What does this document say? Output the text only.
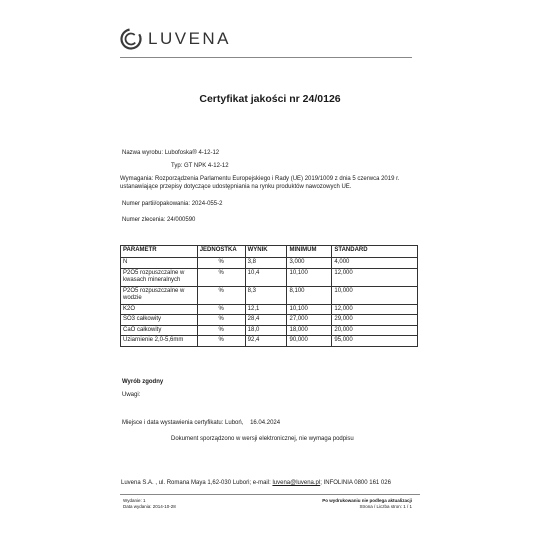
LUVENA
Certyfikat jakości nr 24/0126
Nazwa wyrobu: Lubofoska® 4-12-12
Typ: GT NPK 4-12-12
Wymagania: Rozporządzenia Parlamentu Europejskiego i Rady (UE) 2019/1009 z dnia 5 czerwca 2019 r. ustanawiające przepisy dotyczące udostępniania na rynku produktów nawozowych UE.
Numer partii/opakowania: 2024-055-2
Numer zlecenia: 24/000590
PARAMETR	JEDNOSTKA	WYNIK	MINIMUM	STANDARD
N	%	3,8	3,000	4,000
P2O5 rozpuszczalne w kwasach mineralnych	%	10,4	10,100	12,000
P2O5 rozpuszczalne w wodzie	%	8,3	8,100	10,000
K2O	%	12,1	10,100	12,000
SO3 całkowity	%	28,4	27,000	29,000
CaO całkowity	%	18,0	18,000	20,000
Uziarnienie 2,0-5,6mm	%	92,4	90,000	95,000
Wyrób zgodny
Uwagi:
Miejsce i data wystawienia certyfikatu: Luboń, 16.04.2024
Dokument sporządzono w wersji elektronicznej, nie wymaga podpisu
Luvena S.A. , ul. Romana Maya 1,62-030 Luboń; e-mail: luvena@luvena.pl; INFOLINIA 0800 161 026
Wydanie: 1
Data wydania: 2014-10-28
Po wydrukowaniu nie podlega aktualizacji
Strona / Liczba stron: 1 / 1
